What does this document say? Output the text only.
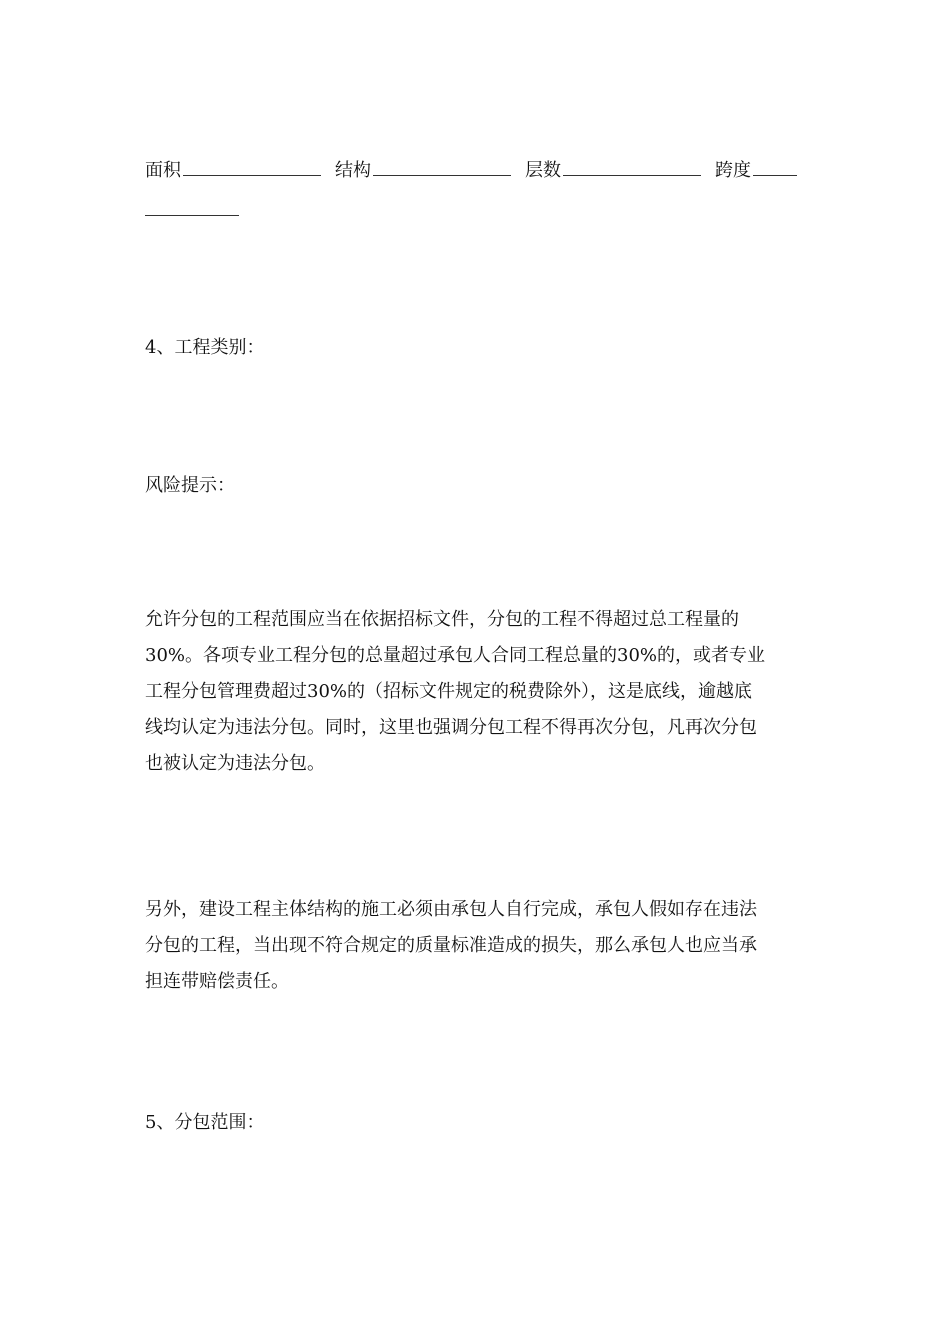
面积	结构	层数	跨度
4、工程类别：
风险提示：

允许分包的工程范围应当在依据招标文件，分包的工程不得超过总工程量的

30%。各项专业工程分包的总量超过承包人合同工程总量的30%的，或者专业

工程分包管理费超过30%的（招标文件规定的税费除外），这是底线，逾越底

线均认定为违法分包。同时，这里也强调分包工程不得再次分包，凡再次分包

也被认定为违法分包。

另外，建设工程主体结构的施工必须由承包人自行完成，承包人假如存在违法

分包的工程，当出现不符合规定的质量标准造成的损失，那么承包人也应当承

担连带赔偿责任。

5、分包范围：
